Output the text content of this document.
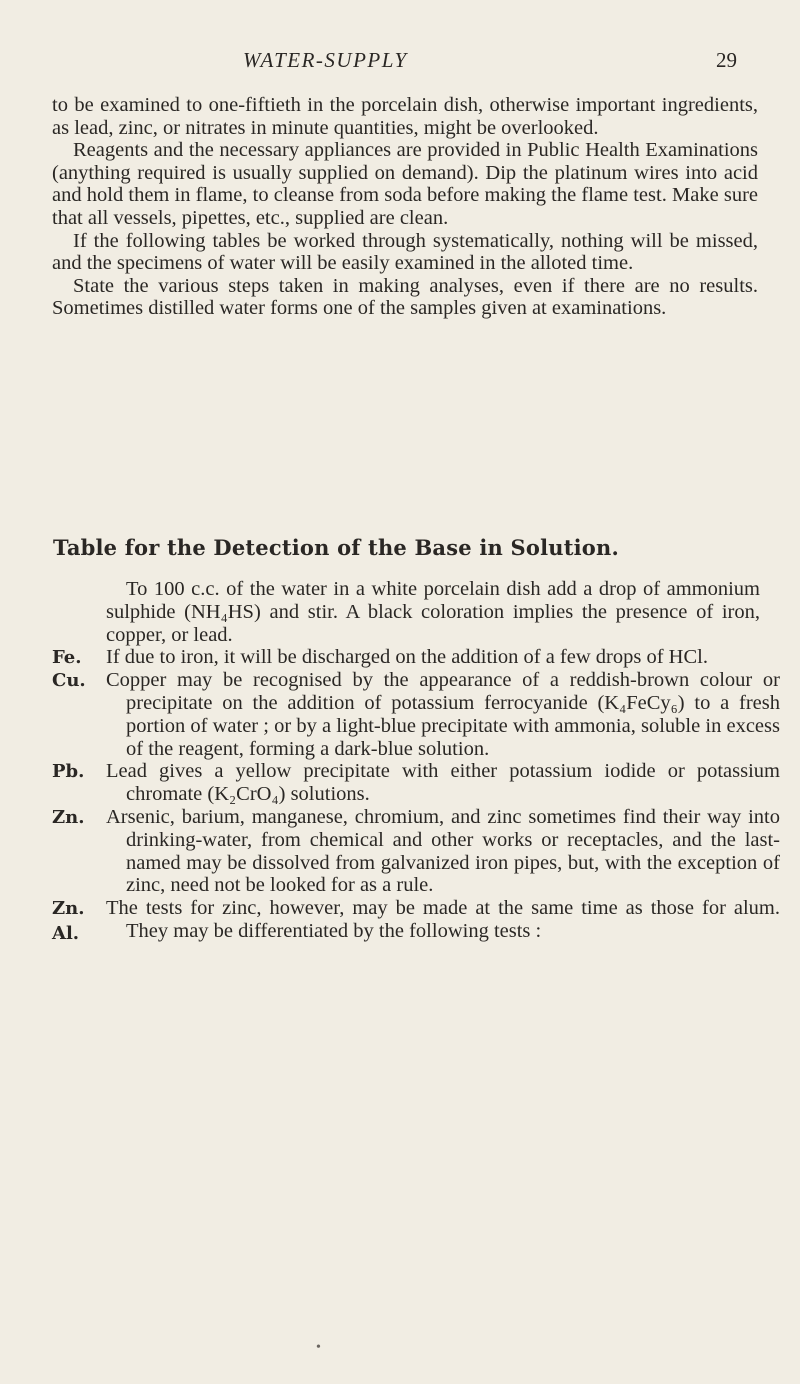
WATER-SUPPLY	29

to be examined to one-fiftieth in the porcelain dish, otherwise important ingredients, as lead, zinc, or nitrates in minute quantities, might be overlooked.

Reagents and the necessary appliances are provided in Public Health Examinations (anything required is usually supplied on demand). Dip the platinum wires into acid and hold them in flame, to cleanse from soda before making the flame test. Make sure that all vessels, pipettes, etc., supplied are clean.

If the following tables be worked through systematically, nothing will be missed, and the specimens of water will be easily examined in the alloted time.

State the various steps taken in making analyses, even if there are no results. Sometimes distilled water forms one of the samples given at examinations.

Table for the Detection of the Base in Solution.
To 100 c.c. of the water in a white porcelain dish add a drop of ammonium sulphide (NH₄HS) and stir. A black coloration implies the presence of iron, copper, or lead.
Fe. If due to iron, it will be discharged on the addition of a few drops of HCl.
Cu. Copper may be recognised by the appearance of a reddish-brown colour or precipitate on the addition of potassium ferrocyanide (K₄FeCy₆) to a fresh portion of water ; or by a light-blue precipitate with ammonia, soluble in excess of the reagent, forming a dark-blue solution.
Pb. Lead gives a yellow precipitate with either potassium iodide or potassium chromate (K₂CrO₄) solutions.
Zn. Arsenic, barium, manganese, chromium, and zinc sometimes find their way into drinking-water, from chemical and other works or receptacles, and the last-named may be dissolved from galvanized iron pipes, but, with the exception of zinc, need not be looked for as a rule.
Zn.
Al.
The tests for zinc, however, may be made at the same time as those for alum. They may be differentiated by the following tests :
•
